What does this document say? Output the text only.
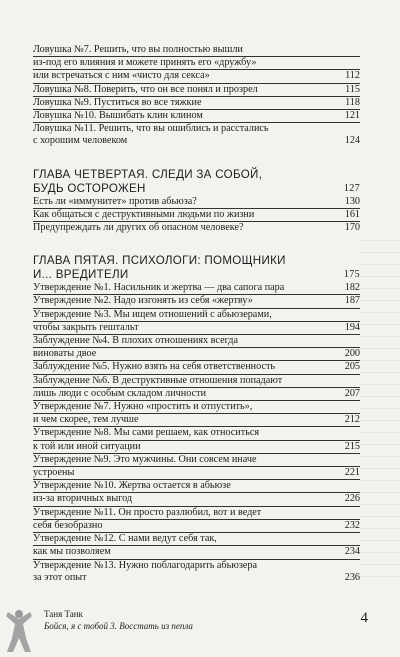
Ловушка №7. Решить, что вы полностью вышли
из-под его влияния и можете принять его «дружбу»
или встречаться с ним «чисто для секса»	112
Ловушка №8. Поверить, что он все понял и прозрел	115
Ловушка №9. Пуститься во все тяжкие	118
Ловушка №10. Вышибать клин клином	121
Ловушка №11. Решить, что вы ошиблись и расстались
с хорошим человеком	124
ГЛАВА ЧЕТВЕРТАЯ. СЛЕДИ ЗА СОБОЙ,
БУДЬ ОСТОРОЖЕН	127
Есть ли «иммунитет» против абьюза?	130
Как общаться с деструктивными людьми по жизни	161
Предупреждать ли других об опасном человеке?	170
ГЛАВА ПЯТАЯ. ПСИХОЛОГИ: ПОМОЩНИКИ
И... ВРЕДИТЕЛИ	175
Утверждение №1. Насильник и жертва — два сапога пара	182
Утверждение №2. Надо изгонять из себя «жертву»	187
Утверждение №3. Мы ищем отношений с абьюзерами,
чтобы закрыть гештальт	194
Заблуждение №4. В плохих отношениях всегда
виноваты двое	200
Заблуждение №5. Нужно взять на себя ответственность	205
Заблуждение №6. В деструктивные отношения попадают
лишь люди с особым складом личности	207
Утверждение №7. Нужно «простить и отпустить»,
и чем скорее, тем лучше	212
Утверждение №8. Мы сами решаем, как относиться
к той или иной ситуации	215
Утверждение №9. Это мужчины. Они совсем иначе
устроены	221
Утверждение №10. Жертва остается в абьюзе
из-за вторичных выгод	226
Утверждение №11. Он просто разлюбил, вот и ведет
себя безобразно	232
Утверждение №12. С нами ведут себя так,
как мы позволяем	234
Утверждение №13. Нужно поблагодарить абьюзера
за этот опыт	236
Таня Танк
Бойся, я с тобой 3. Восстать из пепла	4
